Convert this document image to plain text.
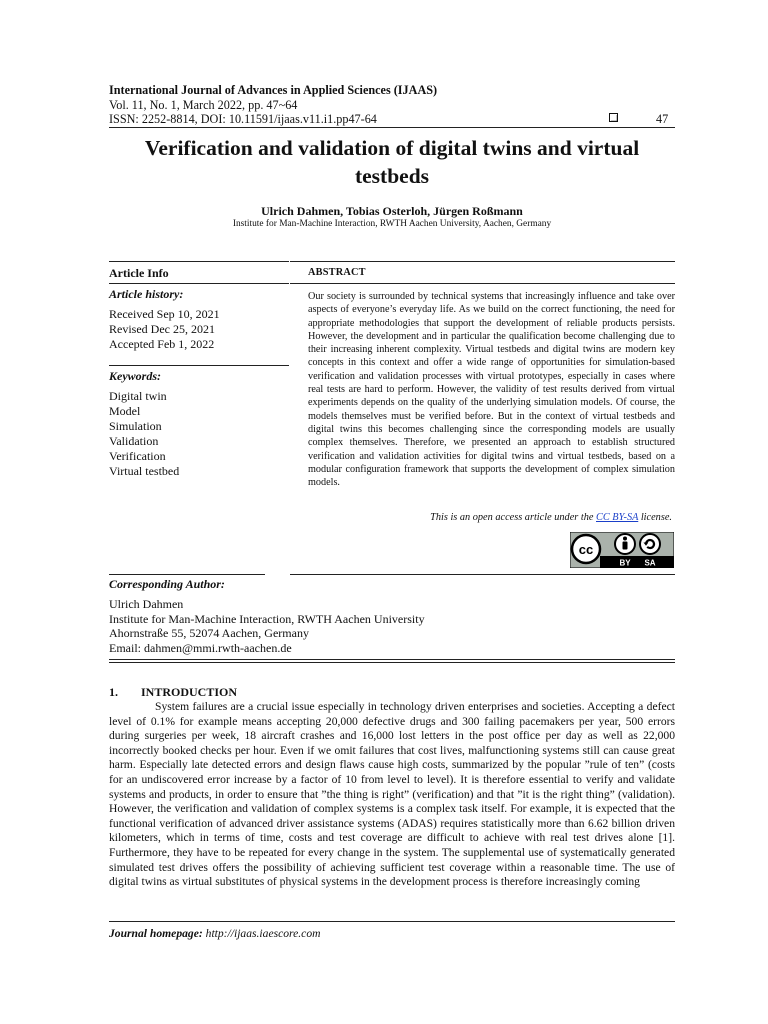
International Journal of Advances in Applied Sciences (IJAAS)
Vol. 11, No. 1, March 2022, pp. 47~64
ISSN: 2252-8814, DOI: 10.11591/ijaas.v11.i1.pp47-64	47
Verification and validation of digital twins and virtual testbeds
Ulrich Dahmen, Tobias Osterloh, Jürgen Roßmann
Institute for Man-Machine Interaction, RWTH Aachen University, Aachen, Germany
Article Info
Article history:
Received Sep 10, 2021
Revised Dec 25, 2021
Accepted Feb 1, 2022
Keywords:
Digital twin
Model
Simulation
Validation
Verification
Virtual testbed
ABSTRACT
Our society is surrounded by technical systems that increasingly influence and take over aspects of everyone’s everyday life. As we build on the correct functioning, the need for appropriate methodologies that support the development of reliable products persists. However, the development and in particular the qualification become challenging due to their increasing inherent complexity. Virtual testbeds and digital twins are modern key concepts in this context and offer a wide range of opportunities for simulation-based verification and validation processes with virtual prototypes, especially in cases where real tests are hard to perform. However, the validity of test results derived from virtual experiments depends on the quality of the underlying simulation models. Of course, the models themselves must be verified before. But in the context of virtual testbeds and digital twins this becomes challenging since the corresponding models are usually complex themselves. Therefore, we presented an approach to establish structured verification and validation activities for digital twins and virtual testbeds, based on a modular configuration framework that supports the development of complex simulation models.
This is an open access article under the CC BY-SA license.
cc
BY SA
Corresponding Author:
Ulrich Dahmen
Institute for Man-Machine Interaction, RWTH Aachen University
Ahornstraße 55, 52074 Aachen, Germany
Email: dahmen@mmi.rwth-aachen.de
1. INTRODUCTION
System failures are a crucial issue especially in technology driven enterprises and societies. Accepting a defect level of 0.1% for example means accepting 20,000 defective drugs and 300 failing pacemakers per year, 500 errors during surgeries per week, 18 aircraft crashes and 16,000 lost letters in the post office per day as well as 22,000 incorrectly booked checks per hour. Even if we omit failures that cost lives, malfunctioning systems still can cause great harm. Especially late detected errors and design flaws cause high costs, summarized by the popular ”rule of ten” (costs for an undiscovered error increase by a factor of 10 from level to level). It is therefore essential to verify and validate systems and products, in order to ensure that ”the thing is right” (verification) and that ”it is the right thing” (validation). However, the verification and validation of complex systems is a complex task itself. For example, it is expected that the functional verification of advanced driver assistance systems (ADAS) requires statistically more than 6.62 billion driven kilometers, which in terms of time, costs and test coverage are difficult to achieve with real test drives alone [1]. Furthermore, they have to be repeated for every change in the system. The supplemental use of systematically generated simulated test drives offers the possibility of achieving sufficient test coverage within a reasonable time. The use of digital twins as virtual substitutes of physical systems in the development process is therefore increasingly coming
Journal homepage: http://ijaas.iaescore.com
